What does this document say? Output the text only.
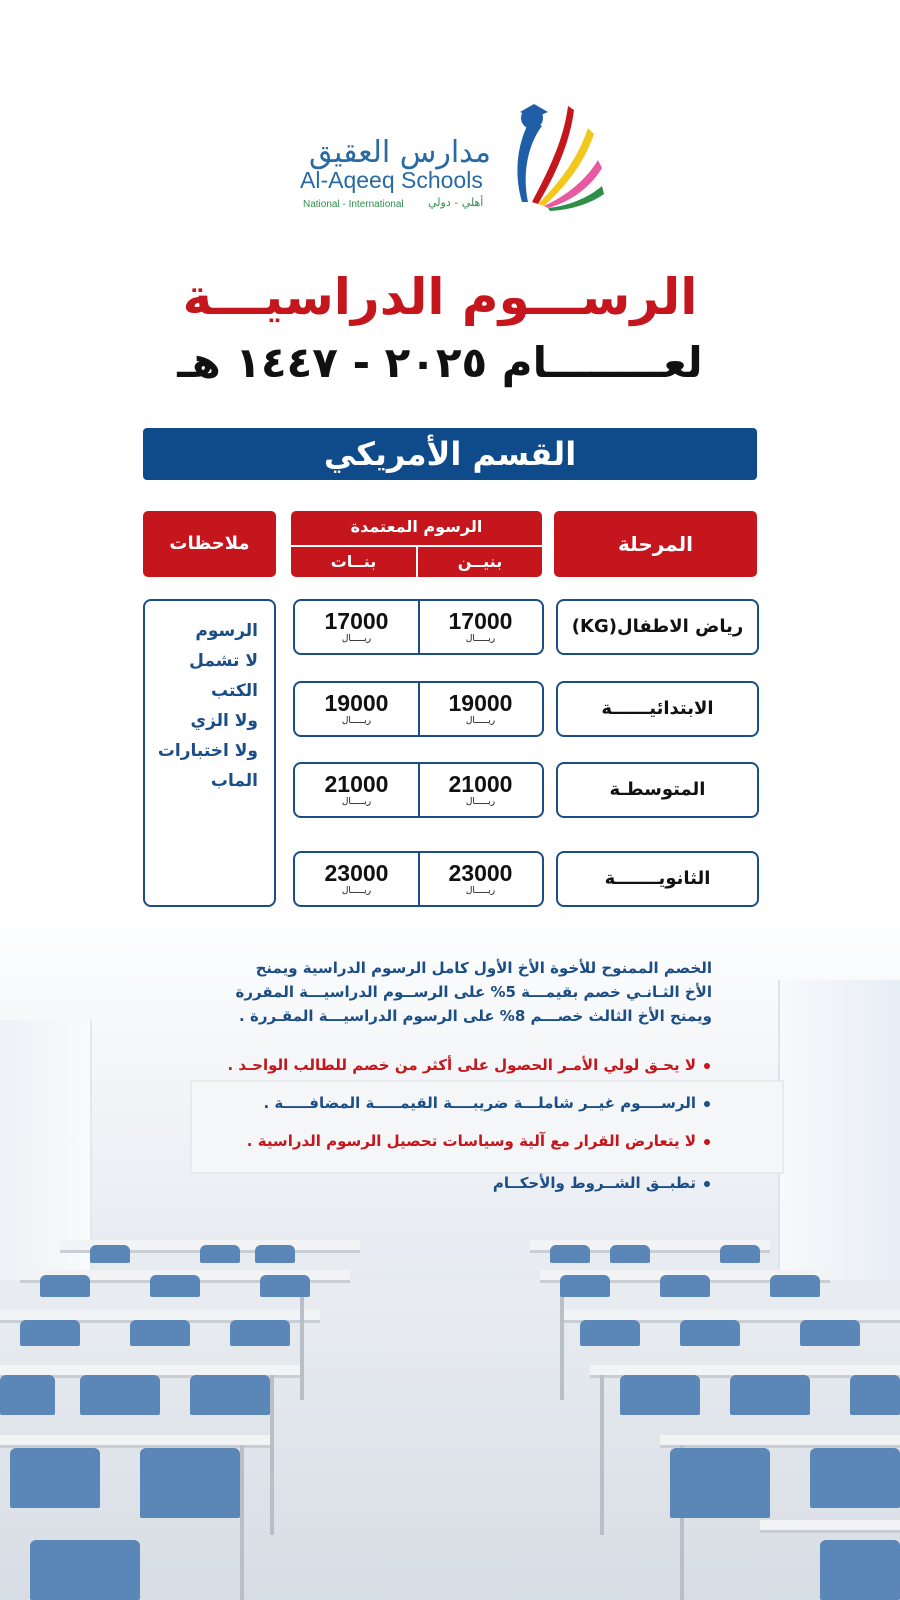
مدارس العقيق
Al-Aqeeq Schools
National - International أهلي - دولي
الرســـوم الدراسيـــة
لعــــــــام ٢٠٢٥ - ١٤٤٧ هـ
القسم الأمريكي
المرحلة
الرسوم المعتمدة
بنيــن
بنــات
ملاحظات
رياض الاطفال(KG)
17000
ريـــــال
17000
ريـــــال
الابتدائيــــــة
19000
ريـــــال
19000
ريـــــال
المتوسطـة
21000
ريـــــال
21000
ريـــــال
الثانويـــــــة
23000
ريـــــال
23000
ريـــــال
الرسوم
لا تشمل
الكتب
ولا الزي
ولا اختبارات
الماب
الخصم الممنوح للأخوة الأخ الأول كامل الرسوم الدراسية ويمنح
الأخ الثـانـي خصم بقيمـــة 5% على الرســوم الدراسيـــة المقررة
ويمنح الأخ الثالث خصـــم 8% على الرسوم الدراسيـــة المقـررة .
لا يحـق لولي الأمـر الحصول على أكثر من خصم للطالب الواحـد .
الرســــوم غيــر شاملـــة ضريبــــة القيمـــــة المضافـــــة .
لا يتعارض القرار مع آلية وسياسات تحصيل الرسوم الدراسية .
تطبــق الشــروط والأحكــام
